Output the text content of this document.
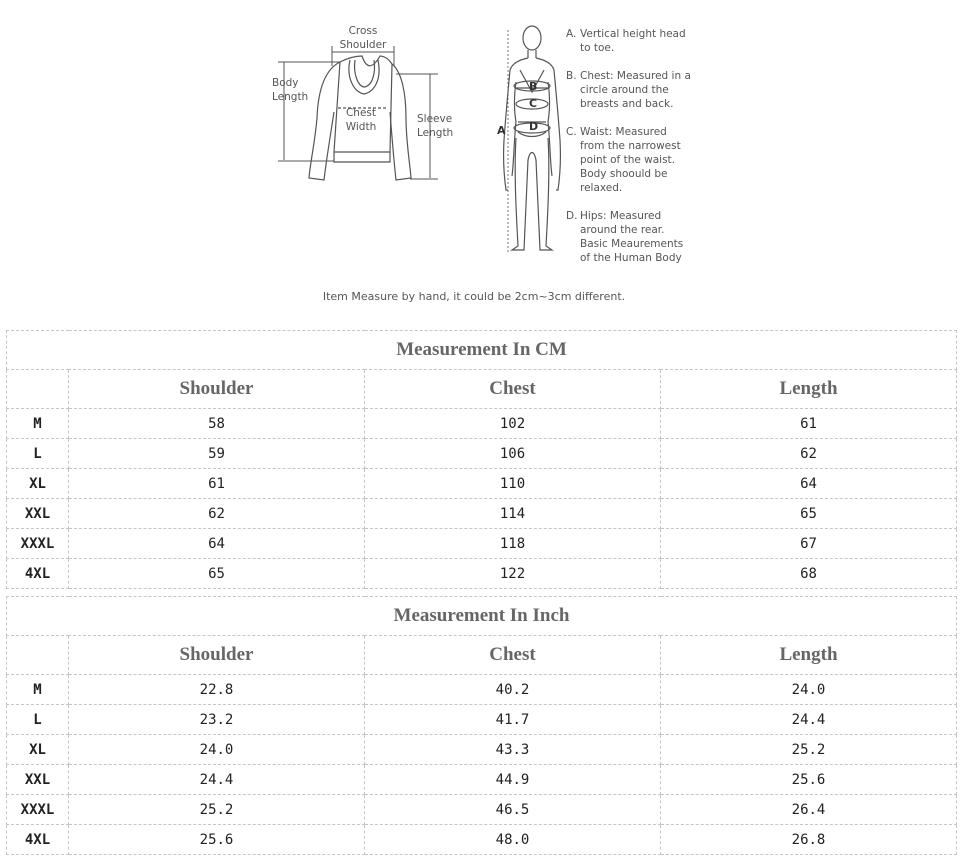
Cross
Shoulder
Body
Length
Chest
Width
Sleeve
Length	A
B
C
D
A. Vertical height head
to toe.
B. Chest: Measured in a
circle around the
breasts and back.
C. Waist: Measured
from the narrowest
point of the waist.
Body shoould be
relaxed.
D. Hips: Measured
around the rear.
Basic Meaurements
of the Human Body
Item Measure by hand, it could be 2cm~3cm different.
Measurement In CM			
	Shoulder	Chest	Length
M	58	102	61
L	59	106	62
XL	61	110	64
XXL	62	114	65
XXXL	64	118	67
4XL	65	122	68
Measurement In Inch			
	Shoulder	Chest	Length
M	22.8	40.2	24.0
L	23.2	41.7	24.4
XL	24.0	43.3	25.2
XXL	24.4	44.9	25.6
XXXL	25.2	46.5	26.4
4XL	25.6	48.0	26.8
